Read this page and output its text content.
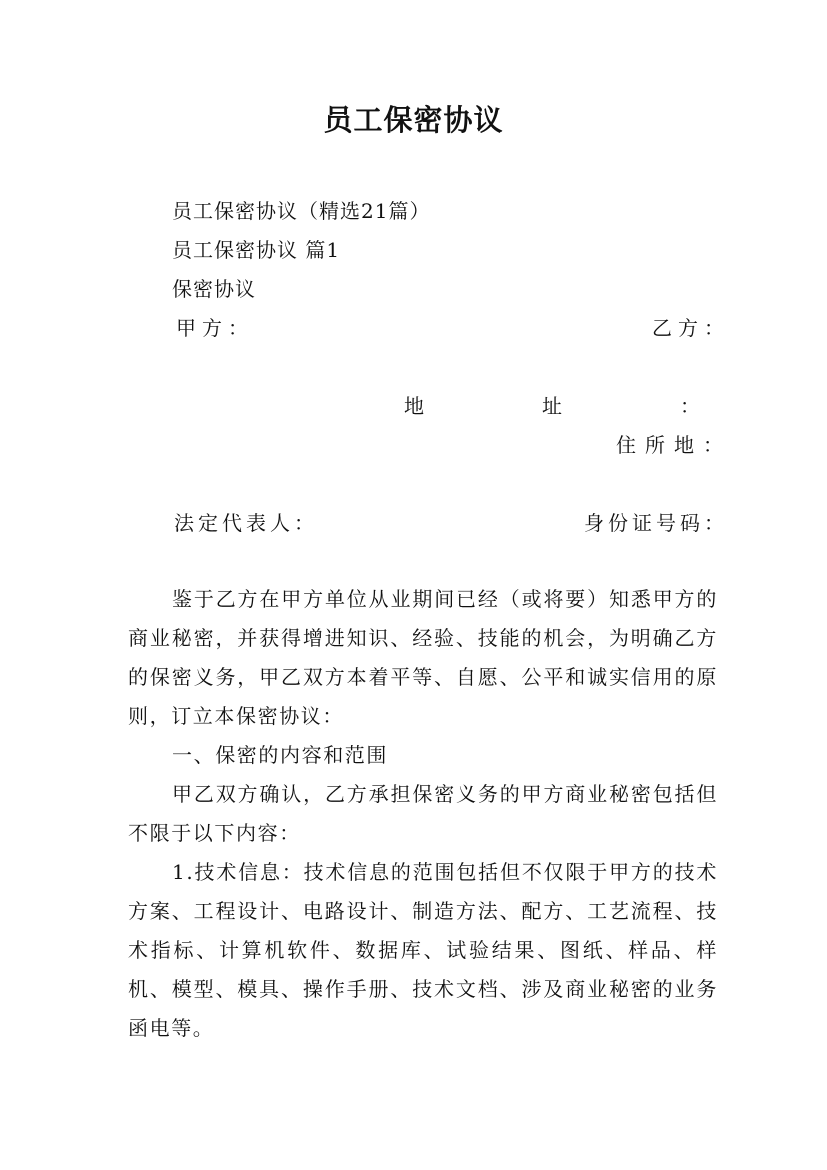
员工保密协议
员工保密协议（精选21篇）
员工保密协议 篇1
保密协议
甲方：	乙方：
地	址	：
住所地：
法定代表人：	身份证号码：
鉴于乙方在甲方单位从业期间已经（或将要）知悉甲方的商业秘密，并获得增进知识、经验、技能的机会，为明确乙方的保密义务，甲乙双方本着平等、自愿、公平和诚实信用的原则，订立本保密协议：
一、保密的内容和范围
甲乙双方确认，乙方承担保密义务的甲方商业秘密包括但不限于以下内容：
1.技术信息：技术信息的范围包括但不仅限于甲方的技术方案、工程设计、电路设计、制造方法、配方、工艺流程、技术指标、计算机软件、数据库、试验结果、图纸、样品、样机、模型、模具、操作手册、技术文档、涉及商业秘密的业务函电等。
